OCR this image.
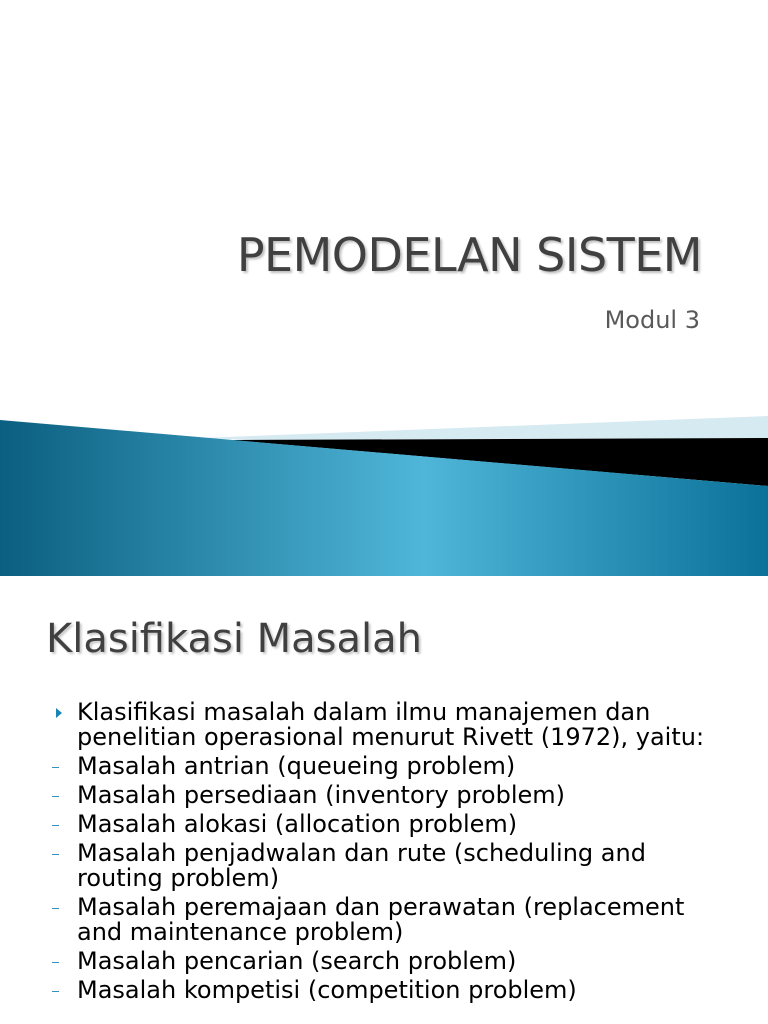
PEMODELAN SISTEM

Modul 3

Klasifikasi Masalah
Klasifikasi masalah dalam ilmu manajemen dan penelitian operasional menurut Rivett (1972), yaitu:
Masalah antrian (queueing problem)
Masalah persediaan (inventory problem)
Masalah alokasi (allocation problem)
Masalah penjadwalan dan rute (scheduling and routing problem)
Masalah peremajaan dan perawatan (replacement and maintenance problem)
Masalah pencarian (search problem)
Masalah kompetisi (competition problem)
